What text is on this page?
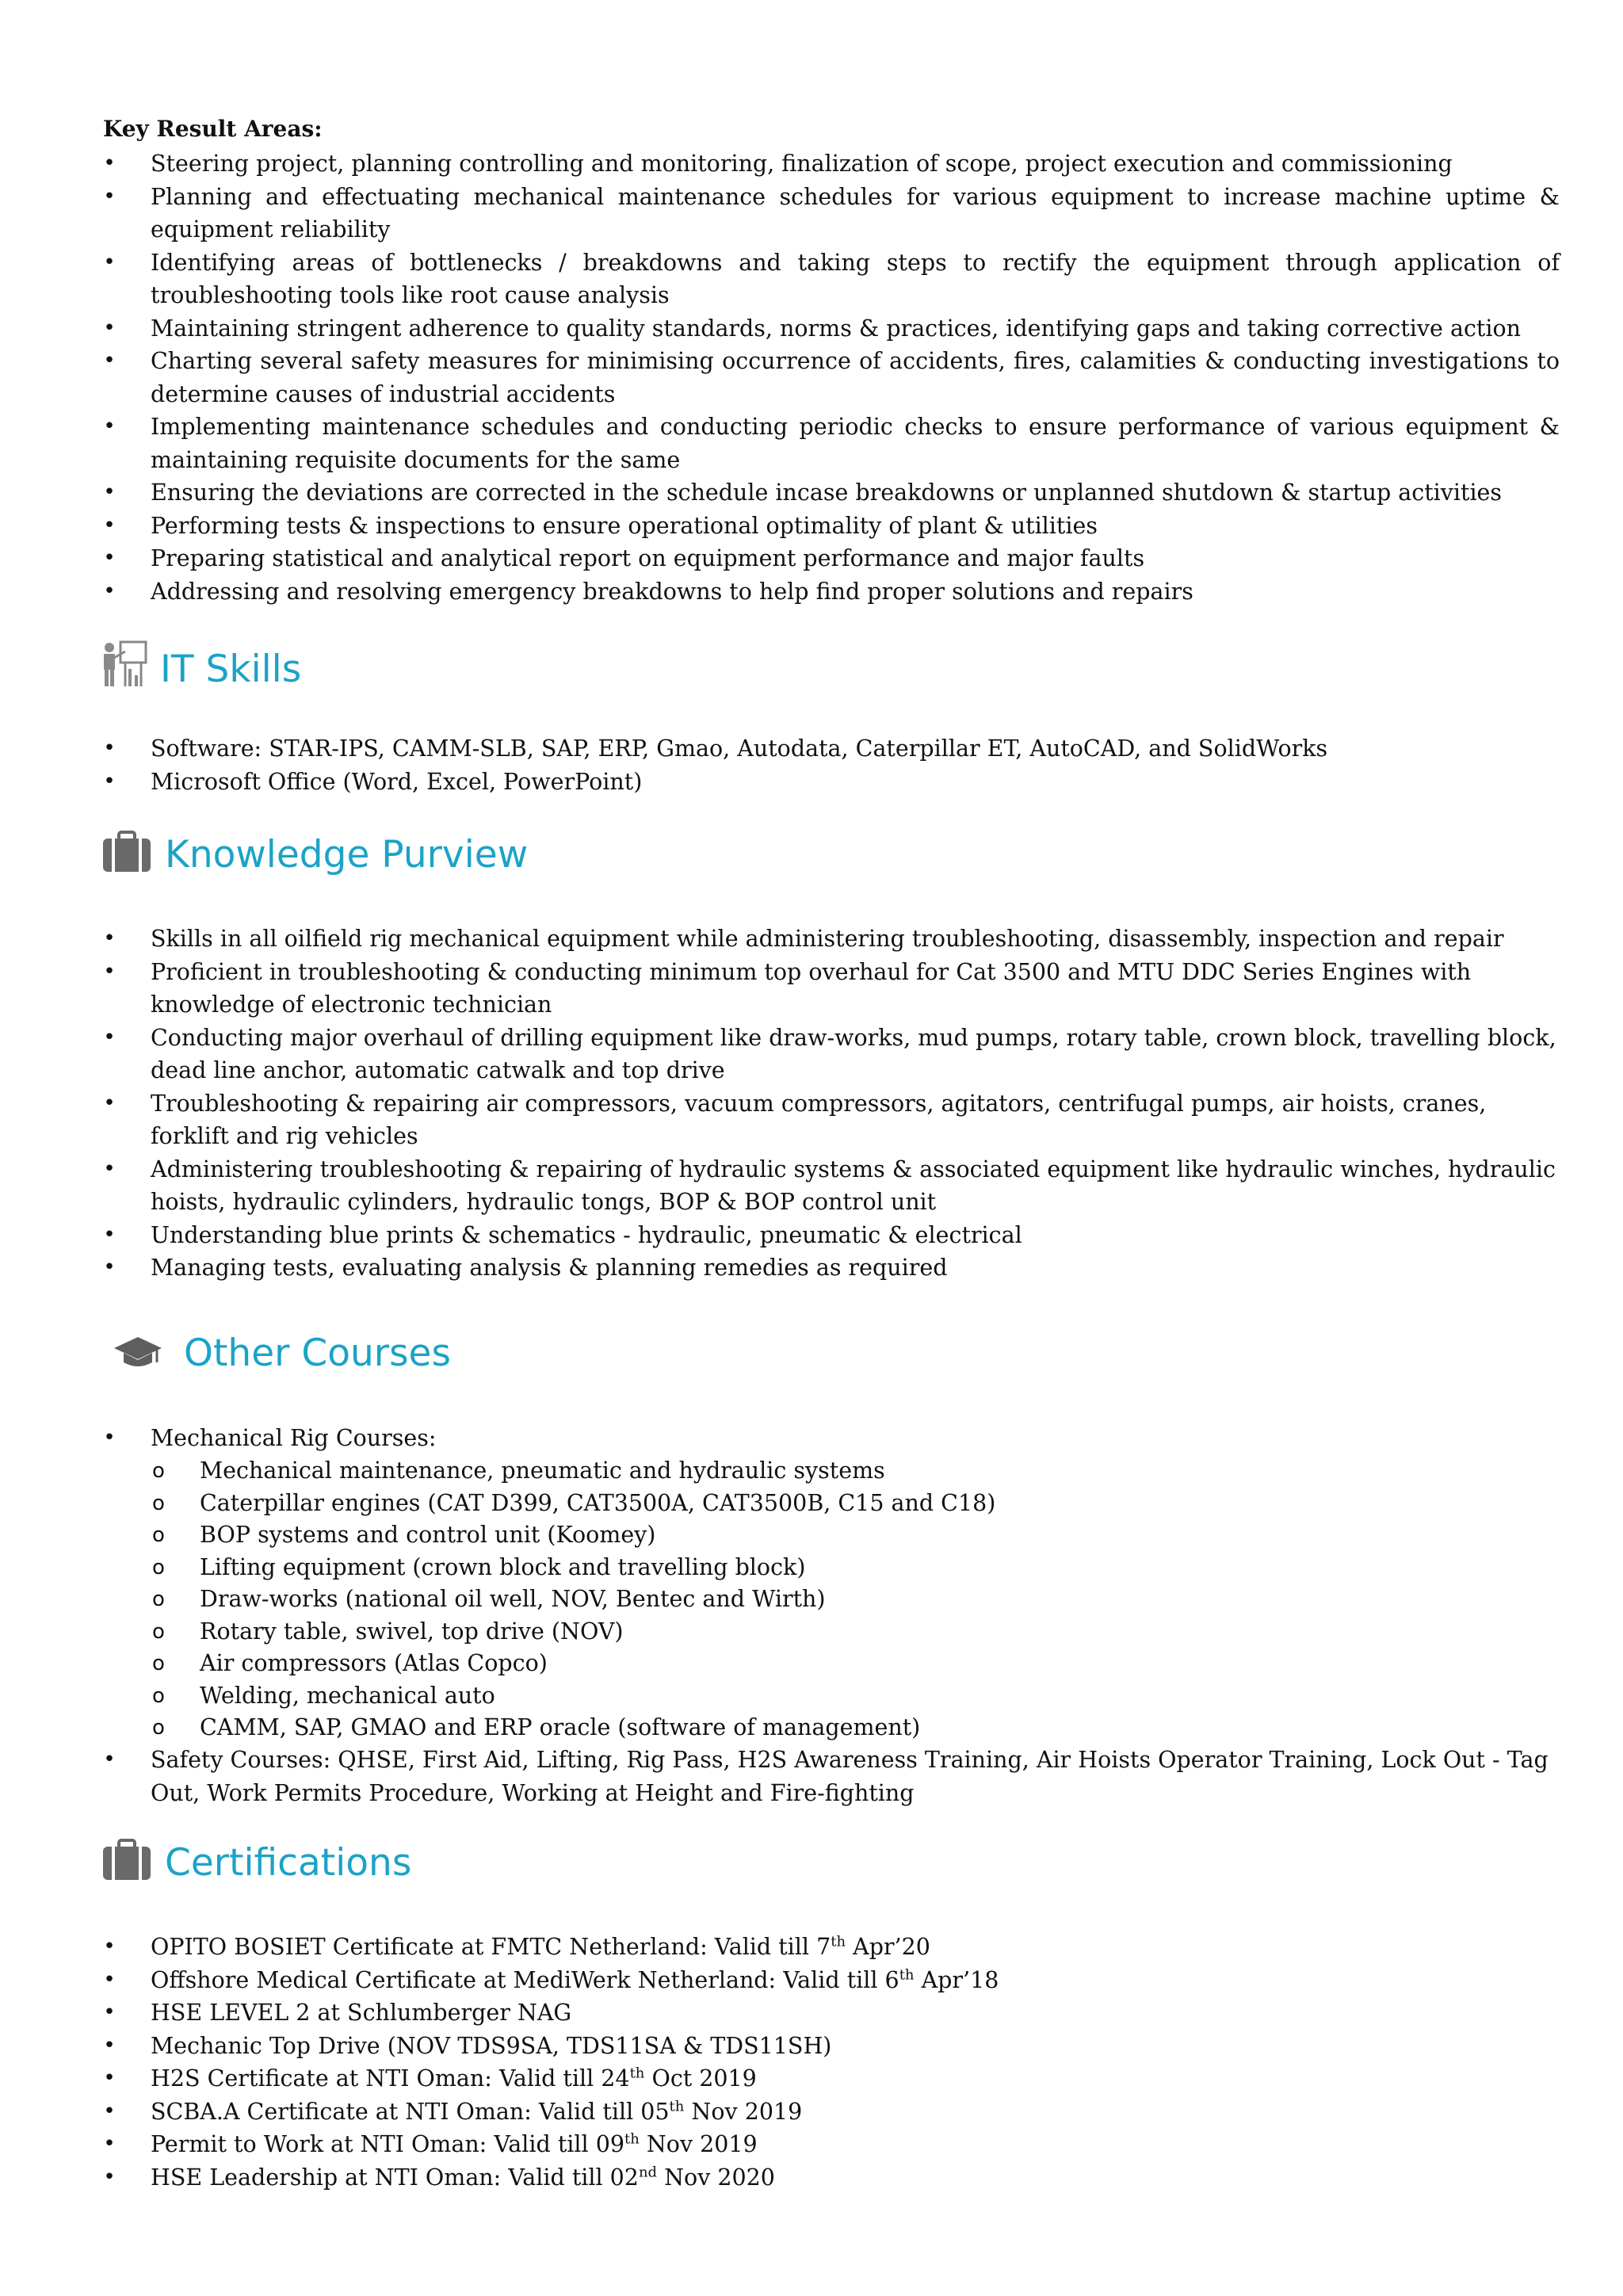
Key Result Areas:
• Steering project, planning controlling and monitoring, finalization of scope, project execution and commissioning
• Planning and effectuating mechanical maintenance schedules for various equipment to increase machine uptime & equipment reliability
• Identifying areas of bottlenecks / breakdowns and taking steps to rectify the equipment through application of troubleshooting tools like root cause analysis
• Maintaining stringent adherence to quality standards, norms & practices, identifying gaps and taking corrective action
• Charting several safety measures for minimising occurrence of accidents, fires, calamities & conducting investigations to determine causes of industrial accidents
• Implementing maintenance schedules and conducting periodic checks to ensure performance of various equipment & maintaining requisite documents for the same
• Ensuring the deviations are corrected in the schedule incase breakdowns or unplanned shutdown & startup activities
• Performing tests & inspections to ensure operational optimality of plant & utilities
• Preparing statistical and analytical report on equipment performance and major faults
• Addressing and resolving emergency breakdowns to help find proper solutions and repairs
IT Skills
• Software: STAR-IPS, CAMM-SLB, SAP, ERP, Gmao, Autodata, Caterpillar ET, AutoCAD, and SolidWorks
• Microsoft Office (Word, Excel, PowerPoint)
Knowledge Purview
• Skills in all oilfield rig mechanical equipment while administering troubleshooting, disassembly, inspection and repair
• Proficient in troubleshooting & conducting minimum top overhaul for Cat 3500 and MTU DDC Series Engines with knowledge of electronic technician
• Conducting major overhaul of drilling equipment like draw-works, mud pumps, rotary table, crown block, travelling block, dead line anchor, automatic catwalk and top drive
• Troubleshooting & repairing air compressors, vacuum compressors, agitators, centrifugal pumps, air hoists, cranes, forklift and rig vehicles
• Administering troubleshooting & repairing of hydraulic systems & associated equipment like hydraulic winches, hydraulic hoists, hydraulic cylinders, hydraulic tongs, BOP & BOP control unit
• Understanding blue prints & schematics - hydraulic, pneumatic & electrical
• Managing tests, evaluating analysis & planning remedies as required
Other Courses
• Mechanical Rig Courses:
o Mechanical maintenance, pneumatic and hydraulic systems
o Caterpillar engines (CAT D399, CAT3500A, CAT3500B, C15 and C18)
o BOP systems and control unit (Koomey)
o Lifting equipment (crown block and travelling block)
o Draw-works (national oil well, NOV, Bentec and Wirth)
o Rotary table, swivel, top drive (NOV)
o Air compressors (Atlas Copco)
o Welding, mechanical auto
o CAMM, SAP, GMAO and ERP oracle (software of management)
• Safety Courses: QHSE, First Aid, Lifting, Rig Pass, H2S Awareness Training, Air Hoists Operator Training, Lock Out - Tag Out, Work Permits Procedure, Working at Height and Fire-fighting
Certifications
• OPITO BOSIET Certificate at FMTC Netherland: Valid till 7th Apr’20
• Offshore Medical Certificate at MediWerk Netherland: Valid till 6th Apr’18
• HSE LEVEL 2 at Schlumberger NAG
• Mechanic Top Drive (NOV TDS9SA, TDS11SA & TDS11SH)
• H2S Certificate at NTI Oman: Valid till 24th Oct 2019
• SCBA.A Certificate at NTI Oman: Valid till 05th Nov 2019
• Permit to Work at NTI Oman: Valid till 09th Nov 2019
• HSE Leadership at NTI Oman: Valid till 02nd Nov 2020
